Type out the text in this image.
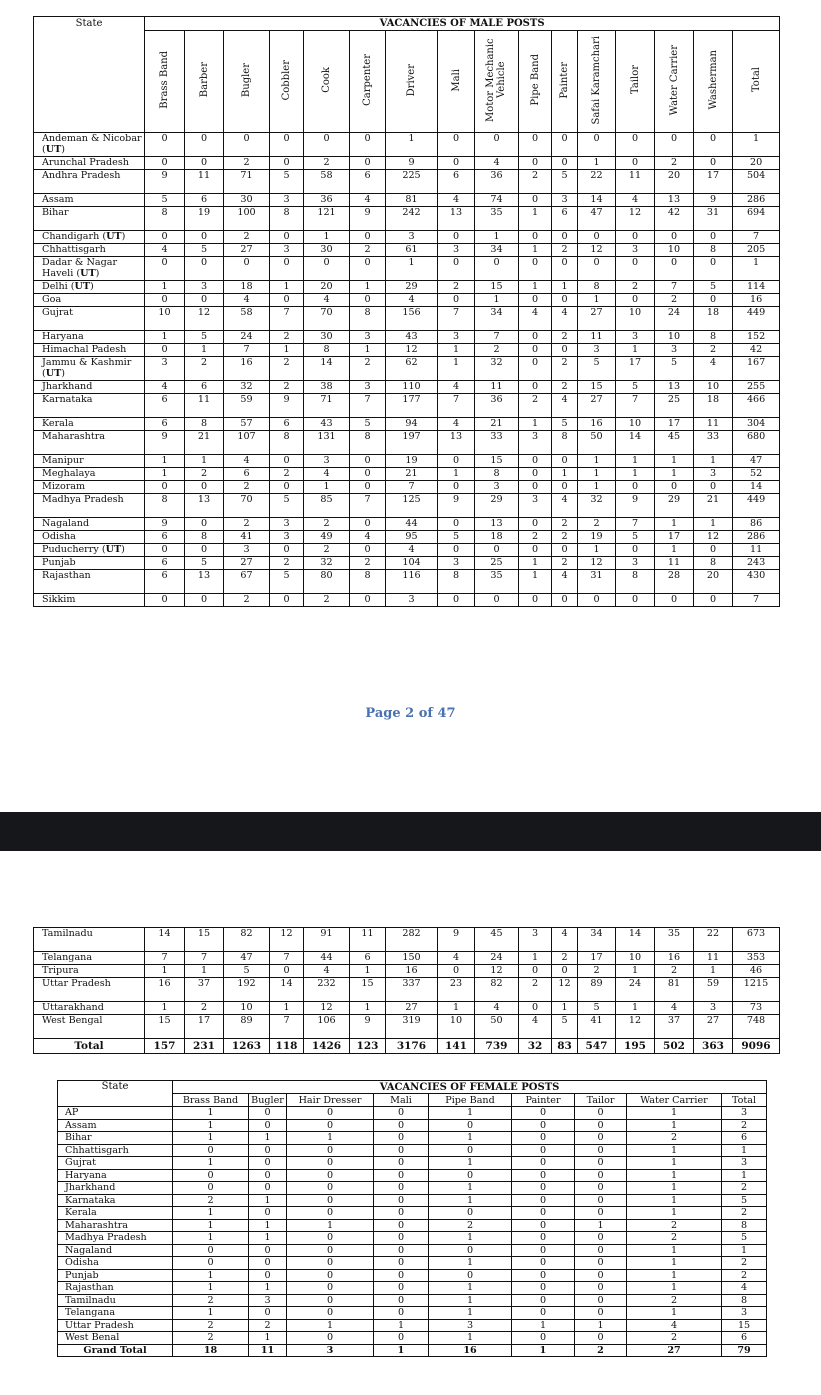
State	VACANCIES OF MALE POSTS															
	Brass Band	Barber	Bugler	Cobbler	Cook	Carpenter	Driver	Mali	Motor Mechanic Vehicle	Pipe Band	Painter	Safai Karamchari	Tailor	Water Carrier	Washerman	Total
Andeman & Nicobar (UT)	0	0	0	0	0	0	1	0	0	0	0	0	0	0	0	1
Arunchal Pradesh	0	0	2	0	2	0	9	0	4	0	0	1	0	2	0	20
Andhra Pradesh	9	11	71	5	58	6	225	6	36	2	5	22	11	20	17	504
Assam	5	6	30	3	36	4	81	4	74	0	3	14	4	13	9	286
Bihar	8	19	100	8	121	9	242	13	35	1	6	47	12	42	31	694
Chandigarh (UT)	0	0	2	0	1	0	3	0	1	0	0	0	0	0	0	7
Chhattisgarh	4	5	27	3	30	2	61	3	34	1	2	12	3	10	8	205
Dadar & Nagar Haveli (UT)	0	0	0	0	0	0	1	0	0	0	0	0	0	0	0	1
Delhi (UT)	1	3	18	1	20	1	29	2	15	1	1	8	2	7	5	114
Goa	0	0	4	0	4	0	4	0	1	0	0	1	0	2	0	16
Gujrat	10	12	58	7	70	8	156	7	34	4	4	27	10	24	18	449
Haryana	1	5	24	2	30	3	43	3	7	0	2	11	3	10	8	152
Himachal Padesh	0	1	7	1	8	1	12	1	2	0	0	3	1	3	2	42
Jammu & Kashmir (UT)	3	2	16	2	14	2	62	1	32	0	2	5	17	5	4	167
Jharkhand	4	6	32	2	38	3	110	4	11	0	2	15	5	13	10	255
Karnataka	6	11	59	9	71	7	177	7	36	2	4	27	7	25	18	466
Kerala	6	8	57	6	43	5	94	4	21	1	5	16	10	17	11	304
Maharashtra	9	21	107	8	131	8	197	13	33	3	8	50	14	45	33	680
Manipur	1	1	4	0	3	0	19	0	15	0	0	1	1	1	1	47
Meghalaya	1	2	6	2	4	0	21	1	8	0	1	1	1	1	3	52
Mizoram	0	0	2	0	1	0	7	0	3	0	0	1	0	0	0	14
Madhya Pradesh	8	13	70	5	85	7	125	9	29	3	4	32	9	29	21	449
Nagaland	9	0	2	3	2	0	44	0	13	0	2	2	7	1	1	86
Odisha	6	8	41	3	49	4	95	5	18	2	2	19	5	17	12	286
Puducherry (UT)	0	0	3	0	2	0	4	0	0	0	0	1	0	1	0	11
Punjab	6	5	27	2	32	2	104	3	25	1	2	12	3	11	8	243
Rajasthan	6	13	67	5	80	8	116	8	35	1	4	31	8	28	20	430
Sikkim	0	0	2	0	2	0	3	0	0	0	0	0	0	0	0	7
Page 2 of 47
Tamilnadu	14	15	82	12	91	11	282	9	45	3	4	34	14	35	22	673
Telangana	7	7	47	7	44	6	150	4	24	1	2	17	10	16	11	353
Tripura	1	1	5	0	4	1	16	0	12	0	0	2	1	2	1	46
Uttar Pradesh	16	37	192	14	232	15	337	23	82	2	12	89	24	81	59	1215
Uttarakhand	1	2	10	1	12	1	27	1	4	0	1	5	1	4	3	73
West Bengal	15	17	89	7	106	9	319	10	50	4	5	41	12	37	27	748
Total	157	231	1263	118	1426	123	3176	141	739	32	83	547	195	502	363	9096
State	VACANCIES OF FEMALE POSTS								
	Brass Band	Bugler	Hair Dresser	Mali	Pipe Band	Painter	Tailor	Water Carrier	Total
AP	1	0	0	0	1	0	0	1	3
Assam	1	0	0	0	0	0	0	1	2
Bihar	1	1	1	0	1	0	0	2	6
Chhattisgarh	0	0	0	0	0	0	0	1	1
Gujrat	1	0	0	0	1	0	0	1	3
Haryana	0	0	0	0	0	0	0	1	1
Jharkhand	0	0	0	0	1	0	0	1	2
Karnataka	2	1	0	0	1	0	0	1	5
Kerala	1	0	0	0	0	0	0	1	2
Maharashtra	1	1	1	0	2	0	1	2	8
Madhya Pradesh	1	1	0	0	1	0	0	2	5
Nagaland	0	0	0	0	0	0	0	1	1
Odisha	0	0	0	0	1	0	0	1	2
Punjab	1	0	0	0	0	0	0	1	2
Rajasthan	1	1	0	0	1	0	0	1	4
Tamilnadu	2	3	0	0	1	0	0	2	8
Telangana	1	0	0	0	1	0	0	1	3
Uttar Pradesh	2	2	1	1	3	1	1	4	15
West Benal	2	1	0	0	1	0	0	2	6
Grand Total	18	11	3	1	16	1	2	27	79
